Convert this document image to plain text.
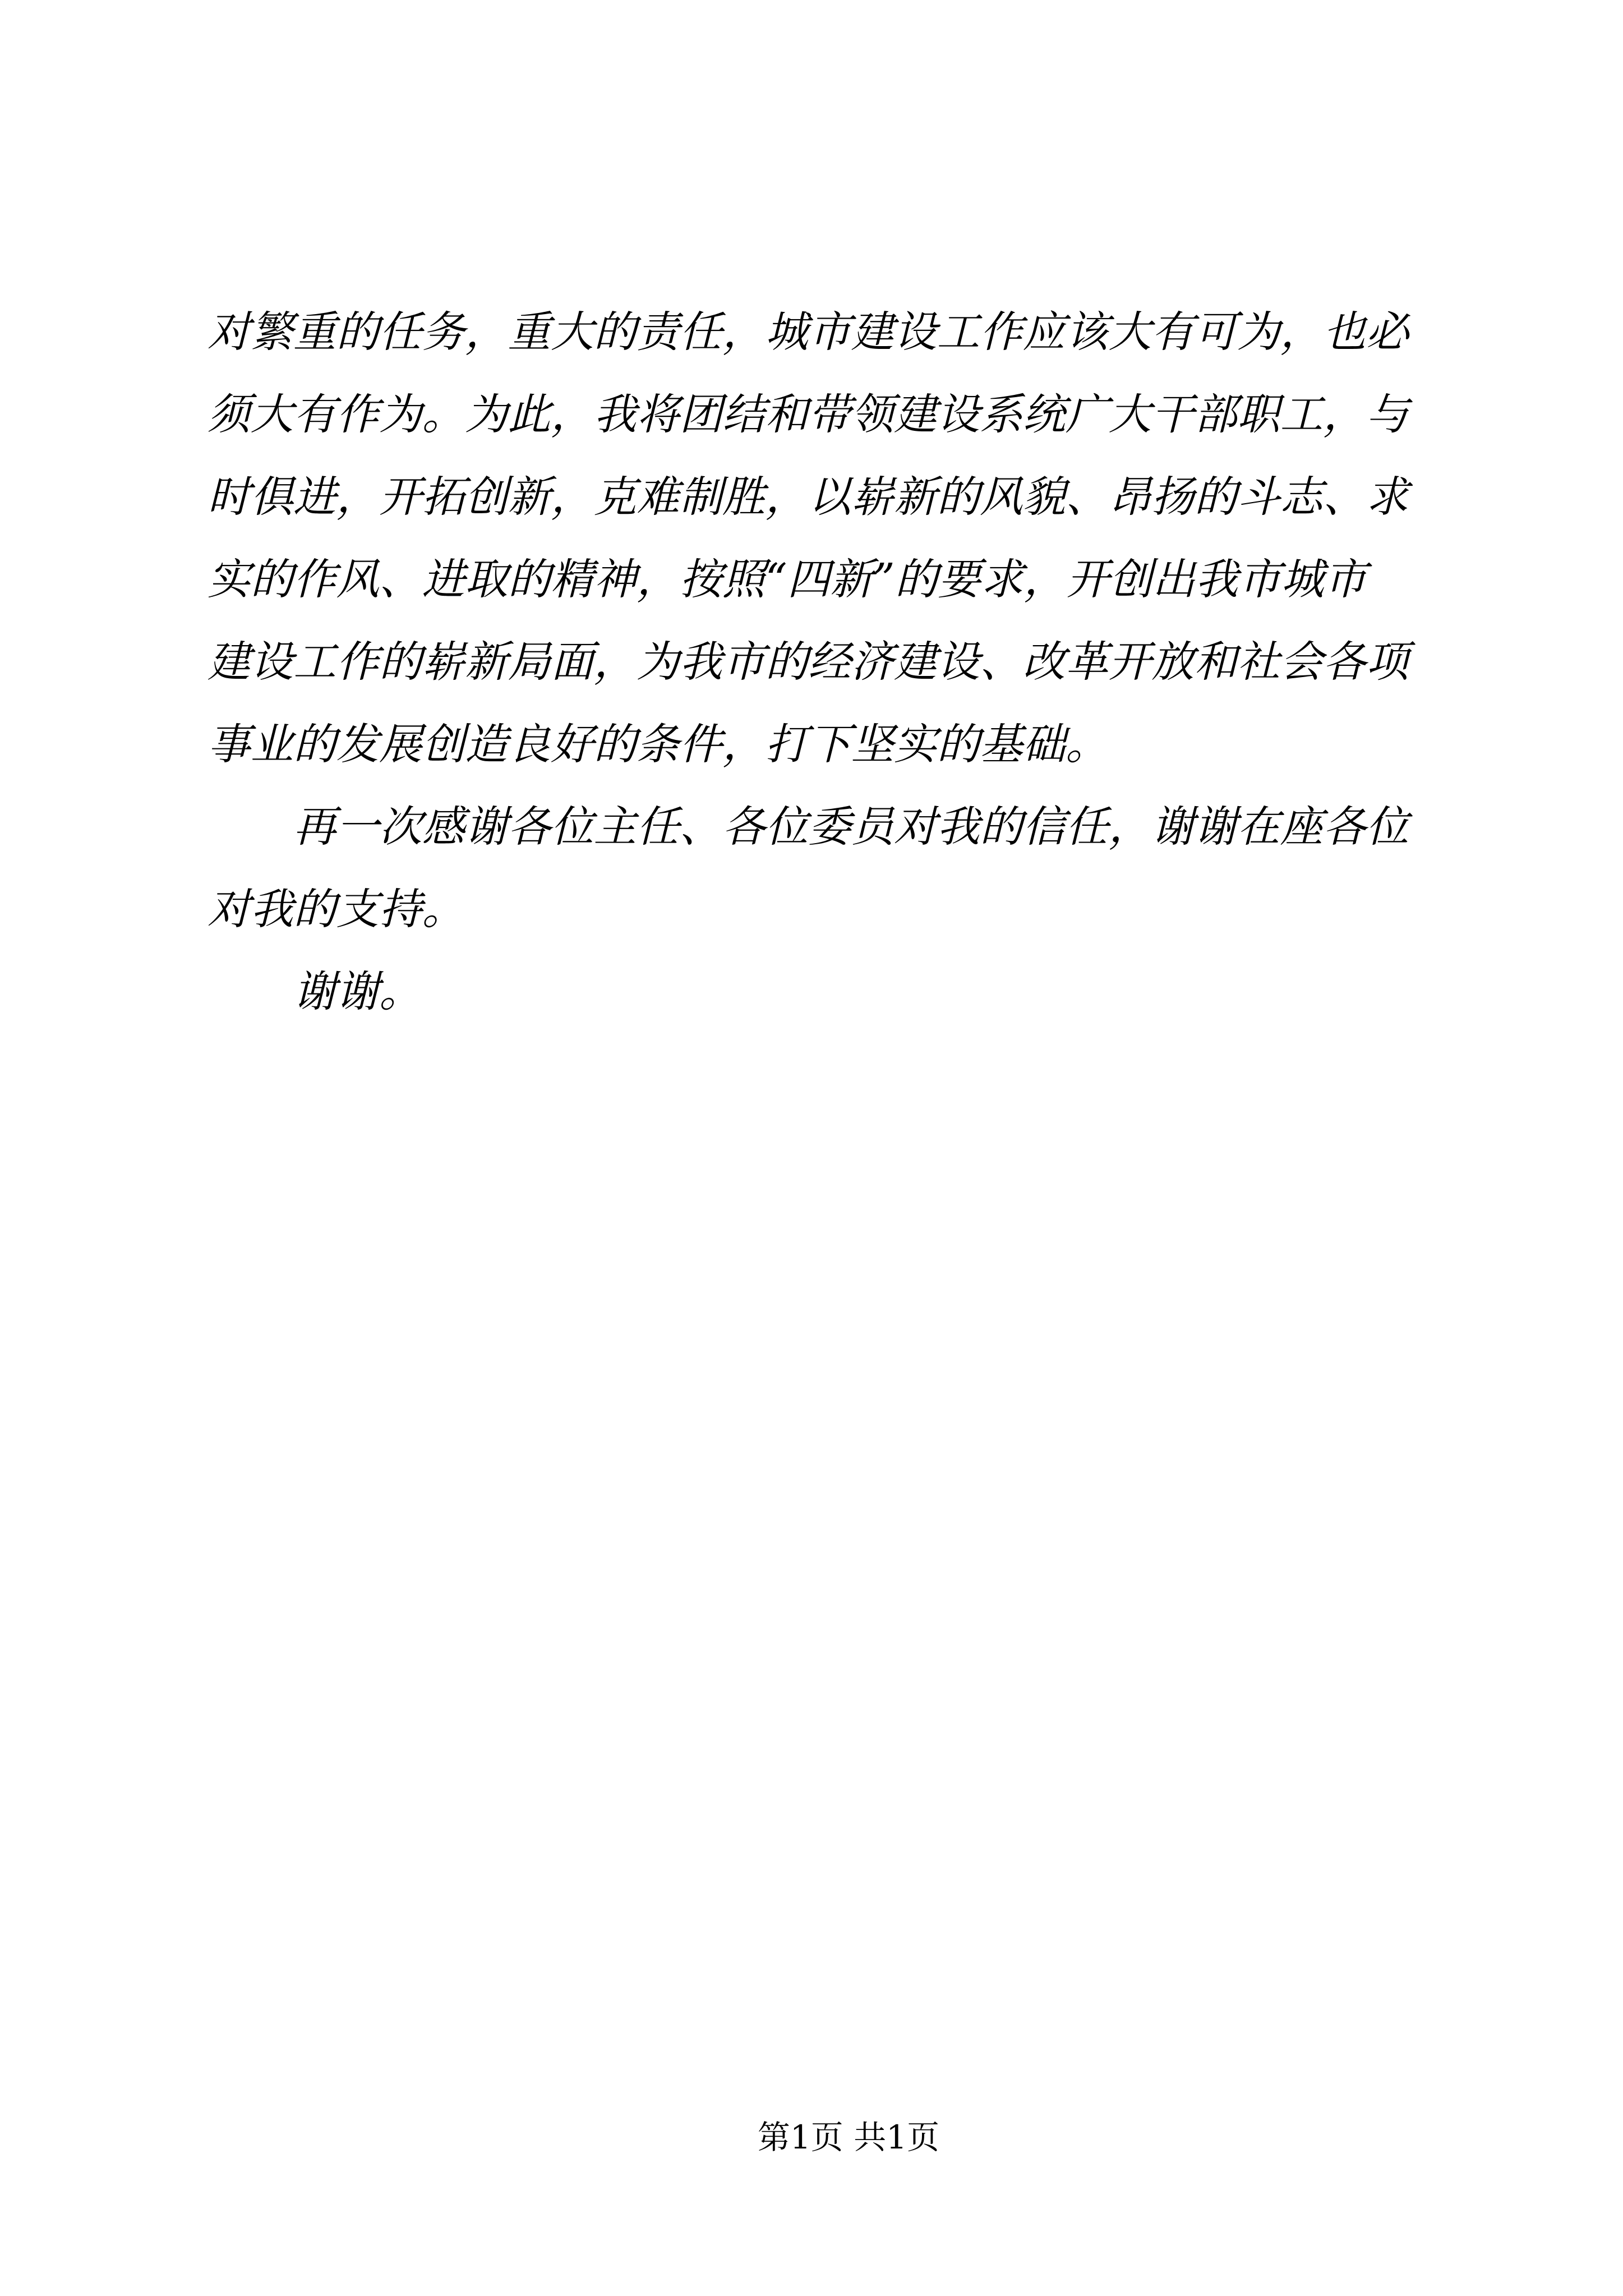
对繁重的任务，重大的责任，城市建设工作应该大有可为，也必
须大有作为。为此，我将团结和带领建设系统广大干部职工，与
时俱进，开拓创新，克难制胜，以崭新的风貌、昂扬的斗志、求
实的作风、进取的精神，按照“四新”的要求，开创出我市城市
建设工作的崭新局面，为我市的经济建设、改革开放和社会各项
事业的发展创造良好的条件，打下坚实的基础。
再一次感谢各位主任、各位委员对我的信任，谢谢在座各位
对我的支持。
谢谢。
第1页 共1页
